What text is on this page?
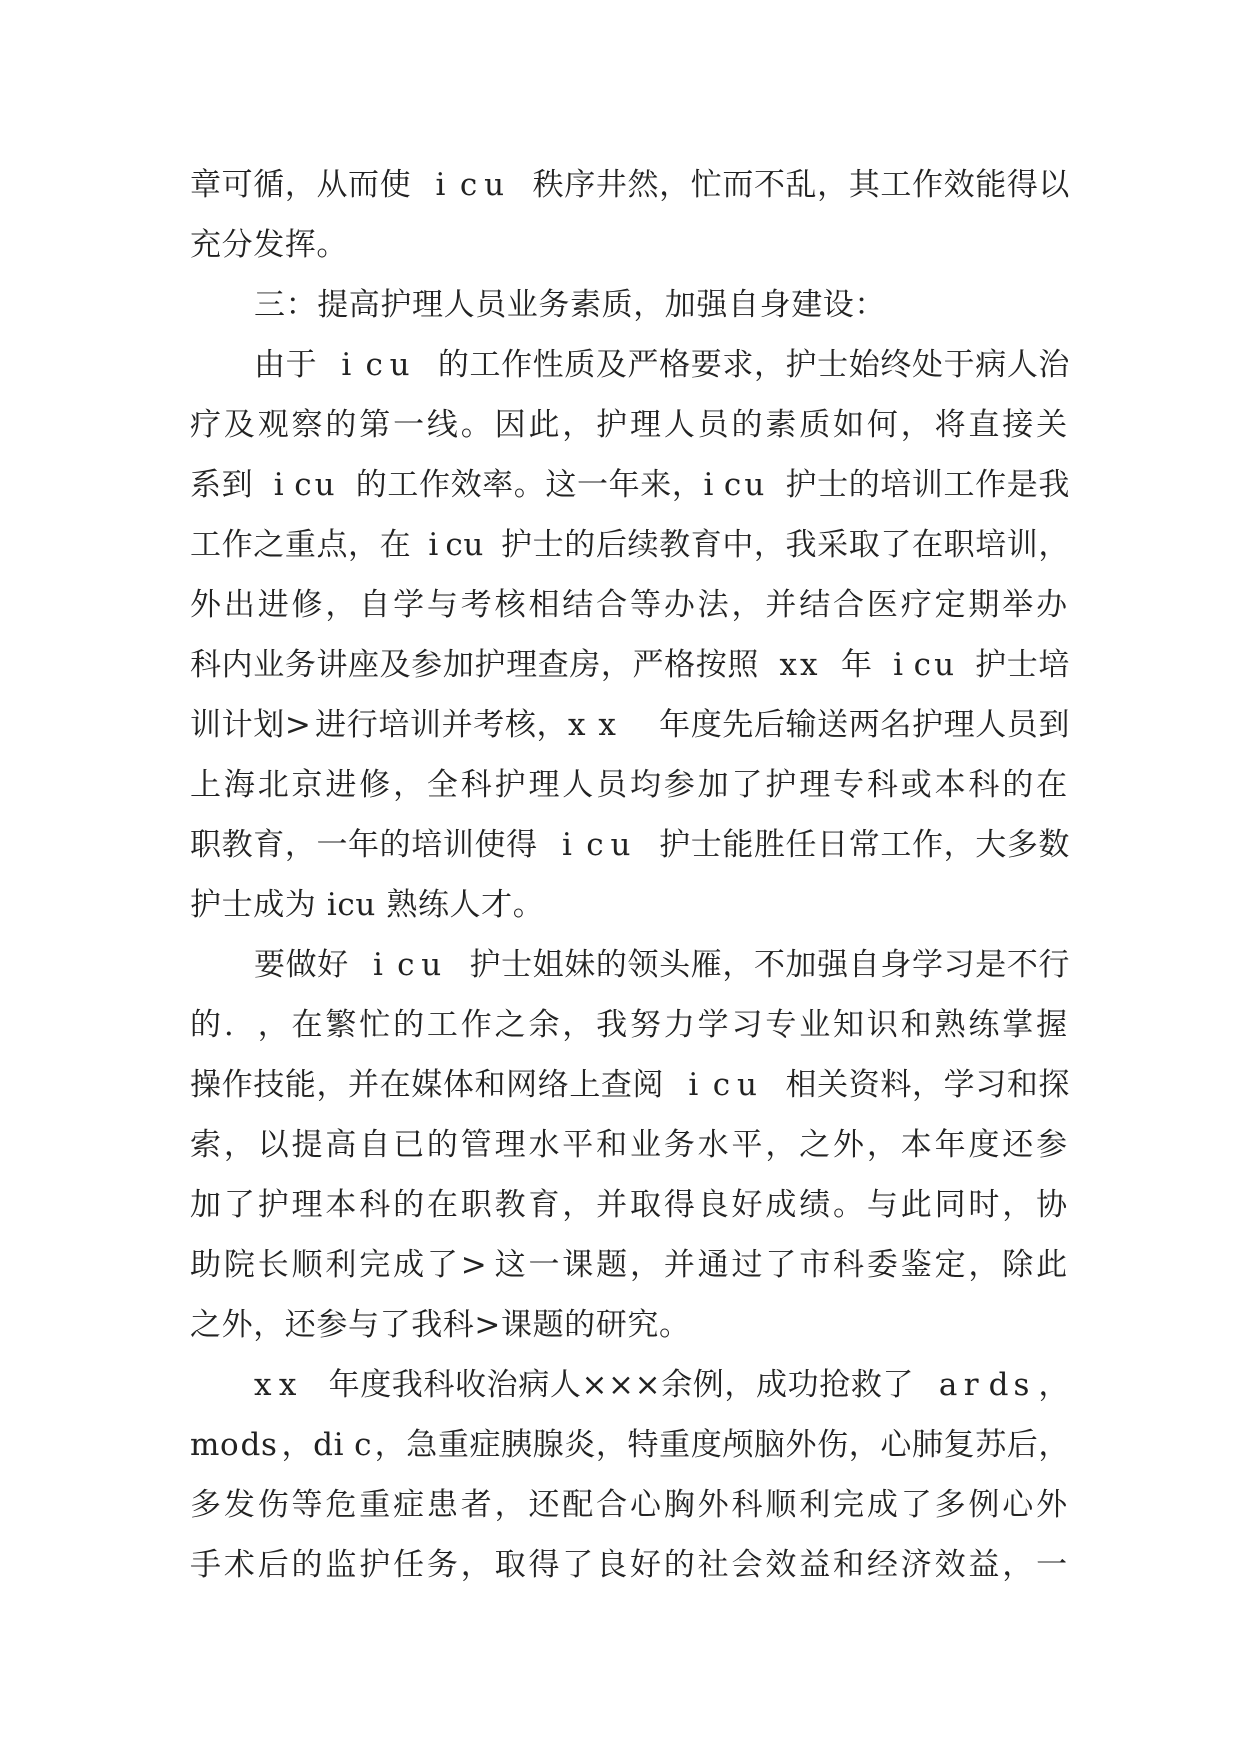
章 可 循 ， 从 而 使
i c u
秩 序 井 然 ， 忙 而 不 乱 ， 其 工 作 效 能 得 以
充分发挥。
三：提高护理人员业务素质，加强自身建设：
由 于
i c u
的 工 作 性 质 及 严 格 要 求 ， 护 士 始 终 处 于 病 人 治
疗 及 观 察 的 第 一 线 。 因 此 ， 护 理 人 员 的 素 质 如 何 ， 将 直 接 关
系 到
i c u
的 工 作 效 率 。 这 一 年 来 ， i c u
护 士 的 培 训 工 作 是 我
工 作 之 重 点 ， 在
i c u
护 士 的 后 续 教 育 中 ， 我 采 取 了 在 职 培 训 ，
外 出 进 修 ， 自 学 与 考 核 相 结 合 等 办 法 ， 并 结 合 医 疗 定 期 举 办
科 内 业 务 讲 座 及 参 加 护 理 查 房 ， 严 格 按 照
x x
年
i c u
护 士 培
训 计 划 > 进 行 培 训 并 考 核 ， x x
	年 度 先 后 输 送 两 名 护 理 人 员 到
上 海 北 京 进 修 ， 全 科 护 理 人 员 均 参 加 了 护 理 专 科 或 本 科 的 在
职 教 育 ， 一 年 的 培 训 使 得
i c u
护 士 能 胜 任 日 常 工 作 ， 大 多 数
护士成为 icu 熟练人才。
要 做 好
i c u
护 士 姐 妹 的 领 头 雁 ， 不 加 强 自 身 学 习 是 不 行
的 . ， 在 繁 忙 的 工 作 之 余 ， 我 努 力 学 习 专 业 知 识 和 熟 练 掌 握
操 作 技 能 ， 并 在 媒 体 和 网 络 上 查 阅
i c u
相 关 资 料 ， 学 习 和 探
索 ， 以 提 高 自 已 的 管 理 水 平 和 业 务 水 平 ， 之 外 ， 本 年 度 还 参
加 了 护 理 本 科 的 在 职 教 育 ， 并 取 得 良 好 成 绩 。 与 此 同 时 ， 协
助 院 长 顺 利 完 成 了 > 这 一 课 题 ， 并 通 过 了 市 科 委 鉴 定 ， 除 此
之外，还参与了我科>课题的研究。
x x
年 度 我 科 收 治 病 人 × × × 余 例 ， 成 功 抢 救 了
a r d s ，
m o d s ， d i c ， 急 重 症 胰 腺 炎 ， 特 重 度 颅 脑 外 伤 ， 心 肺 复 苏 后 ，
多 发 伤 等 危 重 症 患 者 ， 还 配 合 心 胸 外 科 顺 利 完 成 了 多 例 心 外
手 术 后 的 监 护 任 务 ， 取 得 了 良 好 的 社 会 效 益 和 经 济 效 益 ， 一
